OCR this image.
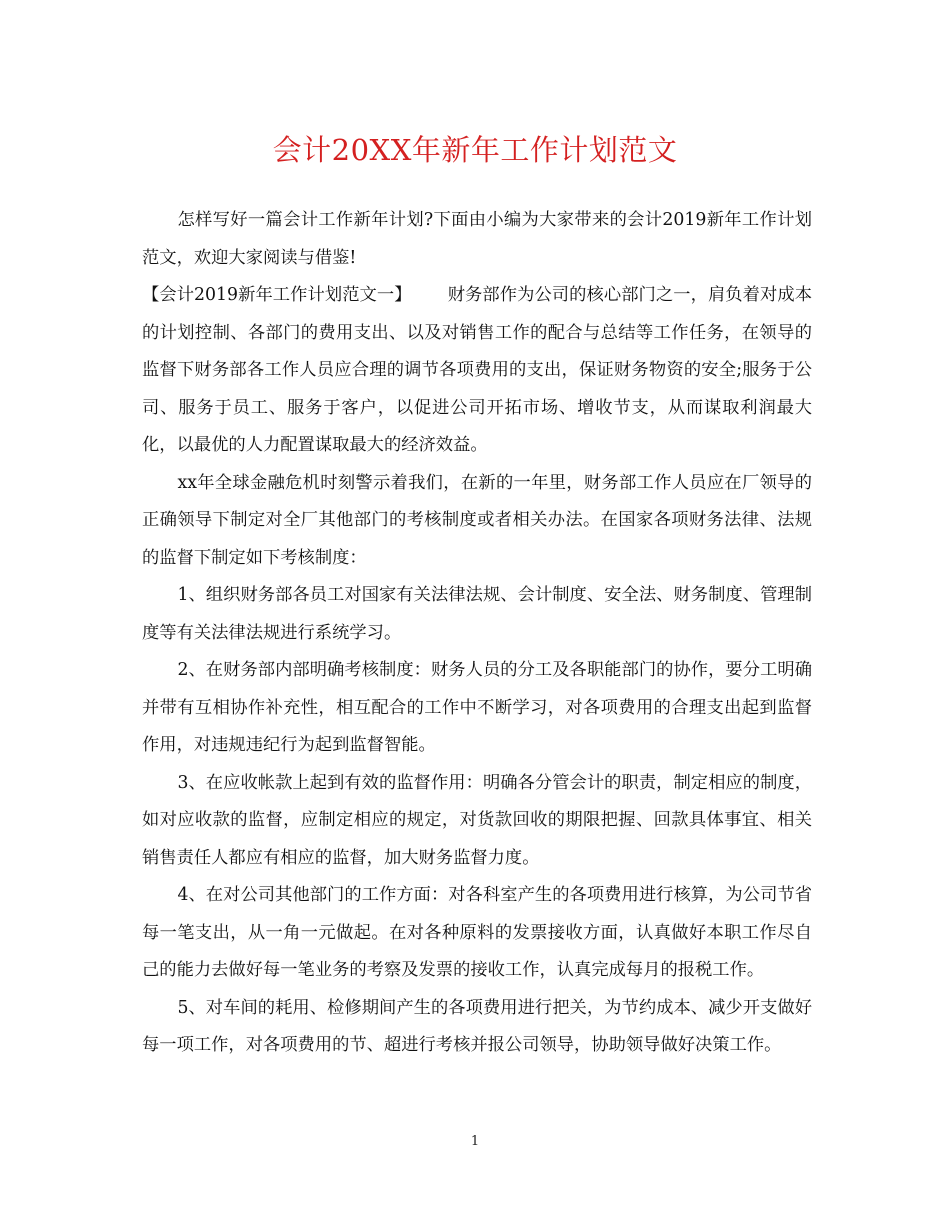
会计20XX年新年工作计划范文

怎样写好一篇会计工作新年计划?下面由小编为大家带来的会计2019新年工作计划范文，欢迎大家阅读与借鉴!

【会计2019新年工作计划范文一】 财务部作为公司的核心部门之一，肩负着对成本的计划控制、各部门的费用支出、以及对销售工作的配合与总结等工作任务，在领导的监督下财务部各工作人员应合理的调节各项费用的支出，保证财务物资的安全;服务于公司、服务于员工、服务于客户，以促进公司开拓市场、增收节支，从而谋取利润最大化，以最优的人力配置谋取最大的经济效益。

xx年全球金融危机时刻警示着我们，在新的一年里，财务部工作人员应在厂领导的正确领导下制定对全厂其他部门的考核制度或者相关办法。在国家各项财务法律、法规的监督下制定如下考核制度：

1、组织财务部各员工对国家有关法律法规、会计制度、安全法、财务制度、管理制度等有关法律法规进行系统学习。

2、在财务部内部明确考核制度：财务人员的分工及各职能部门的协作，要分工明确并带有互相协作补充性，相互配合的工作中不断学习，对各项费用的合理支出起到监督作用，对违规违纪行为起到监督智能。

3、在应收帐款上起到有效的监督作用：明确各分管会计的职责，制定相应的制度，如对应收款的监督，应制定相应的规定，对货款回收的期限把握、回款具体事宜、相关销售责任人都应有相应的监督，加大财务监督力度。

4、在对公司其他部门的工作方面：对各科室产生的各项费用进行核算，为公司节省每一笔支出，从一角一元做起。在对各种原料的发票接收方面，认真做好本职工作尽自己的能力去做好每一笔业务的考察及发票的接收工作，认真完成每月的报税工作。

5、对车间的耗用、检修期间产生的各项费用进行把关，为节约成本、减少开支做好每一项工作，对各项费用的节、超进行考核并报公司领导，协助领导做好决策工作。

1
